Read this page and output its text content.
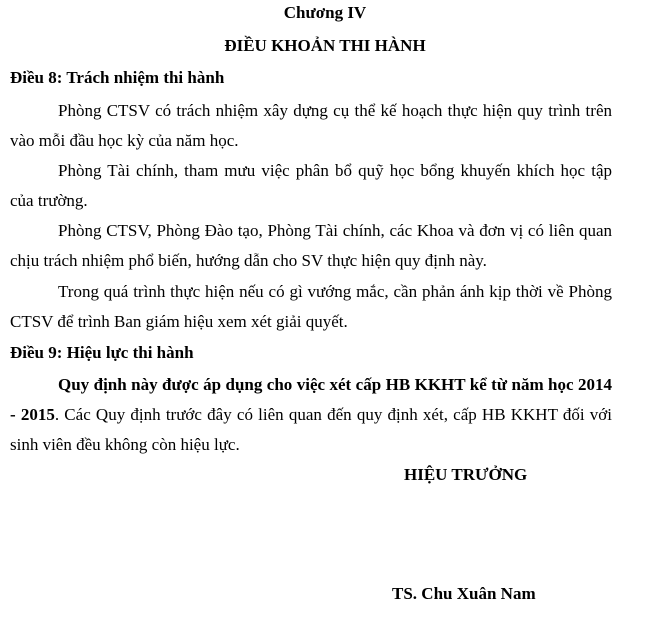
Chương IV
ĐIỀU KHOẢN THI HÀNH
Điều 8: Trách nhiệm thi hành

Phòng CTSV có trách nhiệm xây dựng cụ thể kế hoạch thực hiện quy trình trên vào mỗi đầu học kỳ của năm học.

Phòng Tài chính, tham mưu việc phân bổ quỹ học bổng khuyến khích học tập của trường.

Phòng CTSV, Phòng Đào tạo, Phòng Tài chính, các Khoa và đơn vị có liên quan chịu trách nhiệm phổ biến, hướng dẫn cho SV thực hiện quy định này.

Trong quá trình thực hiện nếu có gì vướng mắc, cần phản ánh kịp thời về Phòng CTSV để trình Ban giám hiệu xem xét giải quyết.

Điều 9: Hiệu lực thi hành

Quy định này được áp dụng cho việc xét cấp HB KKHT kể từ năm học 2014 - 2015. Các Quy định trước đây có liên quan đến quy định xét, cấp HB KKHT đối với sinh viên đều không còn hiệu lực.

HIỆU TRƯỞNG
TS. Chu Xuân Nam
